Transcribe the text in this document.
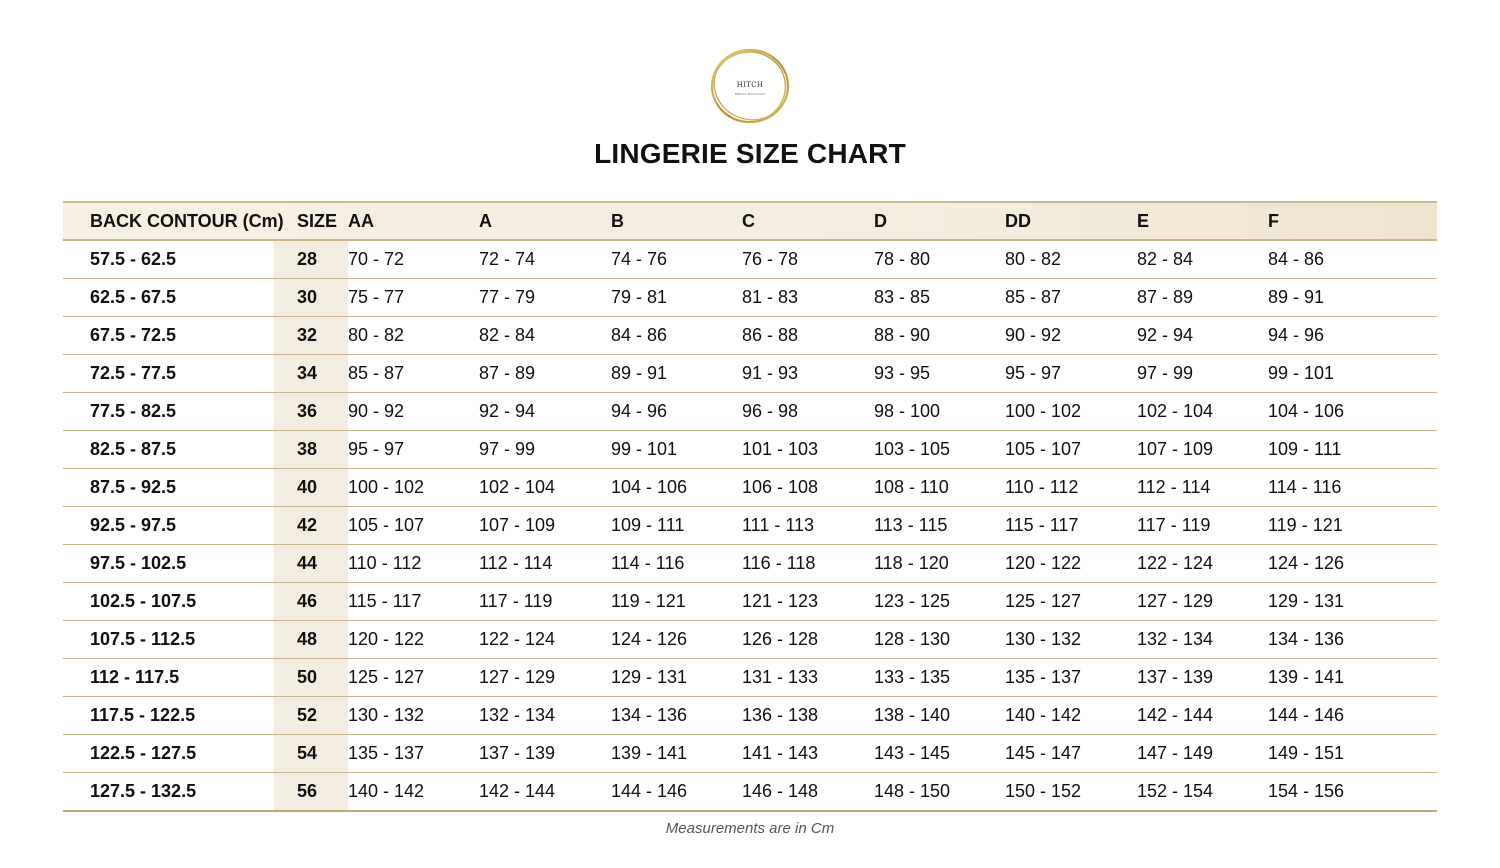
HITCH
BRIDAL BOUTIQUE
LINGERIE SIZE CHART
BACK CONTOUR (Cm)	SIZE	AA	A	B	C	D	DD	E	F
57.5 - 62.5	28	70 - 72	72 - 74	74 - 76	76 - 78	78 - 80	80 - 82	82 - 84	84 - 86
62.5 - 67.5	30	75 - 77	77 - 79	79 - 81	81 - 83	83 - 85	85 - 87	87 - 89	89 - 91
67.5 - 72.5	32	80 - 82	82 - 84	84 - 86	86 - 88	88 - 90	90 - 92	92 - 94	94 - 96
72.5 - 77.5	34	85 - 87	87 - 89	89 - 91	91 - 93	93 - 95	95 - 97	97 - 99	99 - 101
77.5 - 82.5	36	90 - 92	92 - 94	94 - 96	96 - 98	98 - 100	100 - 102	102 - 104	104 - 106
82.5 - 87.5	38	95 - 97	97 - 99	99 - 101	101 - 103	103 - 105	105 - 107	107 - 109	109 - 111
87.5 - 92.5	40	100 - 102	102 - 104	104 - 106	106 - 108	108 - 110	110 - 112	112 - 114	114 - 116
92.5 - 97.5	42	105 - 107	107 - 109	109 - 111	111 - 113	113 - 115	115 - 117	117 - 119	119 - 121
97.5 - 102.5	44	110 - 112	112 - 114	114 - 116	116 - 118	118 - 120	120 - 122	122 - 124	124 - 126
102.5 - 107.5	46	115 - 117	117 - 119	119 - 121	121 - 123	123 - 125	125 - 127	127 - 129	129 - 131
107.5 - 112.5	48	120 - 122	122 - 124	124 - 126	126 - 128	128 - 130	130 - 132	132 - 134	134 - 136
112 - 117.5	50	125 - 127	127 - 129	129 - 131	131 - 133	133 - 135	135 - 137	137 - 139	139 - 141
117.5 - 122.5	52	130 - 132	132 - 134	134 - 136	136 - 138	138 - 140	140 - 142	142 - 144	144 - 146
122.5 - 127.5	54	135 - 137	137 - 139	139 - 141	141 - 143	143 - 145	145 - 147	147 - 149	149 - 151
127.5 - 132.5	56	140 - 142	142 - 144	144 - 146	146 - 148	148 - 150	150 - 152	152 - 154	154 - 156
Measurements are in Cm
